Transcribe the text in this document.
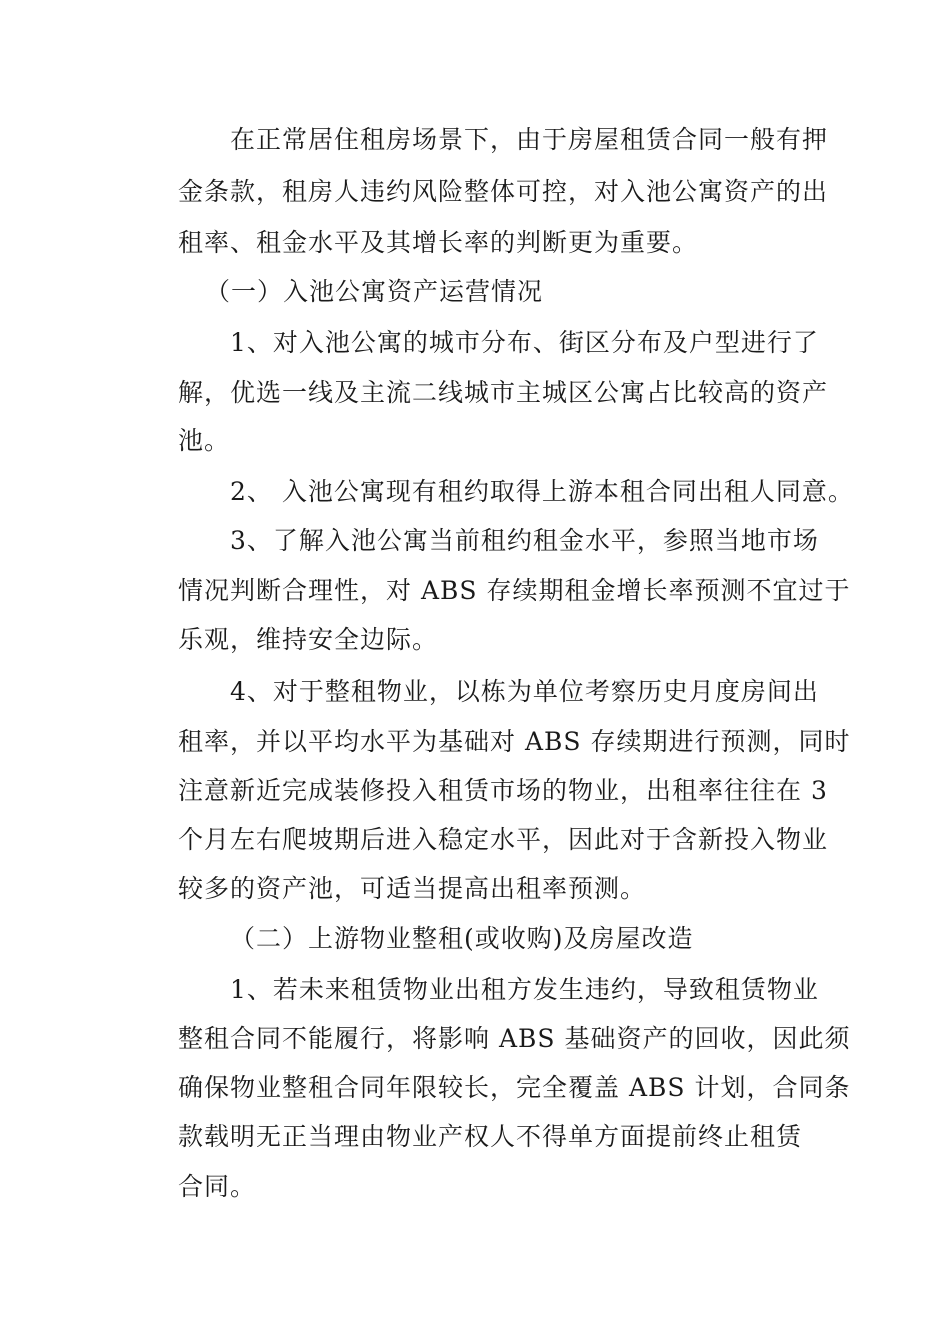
在正常居住租房场景下，由于房屋租赁合同一般有押

金条款，租房人违约风险整体可控，对入池公寓资产的出

租率、租金水平及其增长率的判断更为重要。

（一）入池公寓资产运营情况

1、对入池公寓的城市分布、街区分布及户型进行了

解，优选一线及主流二线城市主城区公寓占比较高的资产

池。

2、 入池公寓现有租约取得上游本租合同出租人同意。

3、了解入池公寓当前租约租金水平，参照当地市场

情况判断合理性，对 ABS 存续期租金增长率预测不宜过于

乐观，维持安全边际。

4、对于整租物业，以栋为单位考察历史月度房间出

租率，并以平均水平为基础对 ABS 存续期进行预测，同时

注意新近完成装修投入租赁市场的物业，出租率往往在 3

个月左右爬坡期后进入稳定水平，因此对于含新投入物业

较多的资产池，可适当提高出租率预测。

（二）上游物业整租(或收购)及房屋改造

1、若未来租赁物业出租方发生违约，导致租赁物业

整租合同不能履行，将影响 ABS 基础资产的回收，因此须

确保物业整租合同年限较长，完全覆盖 ABS 计划，合同条

款载明无正当理由物业产权人不得单方面提前终止租赁

合同。
